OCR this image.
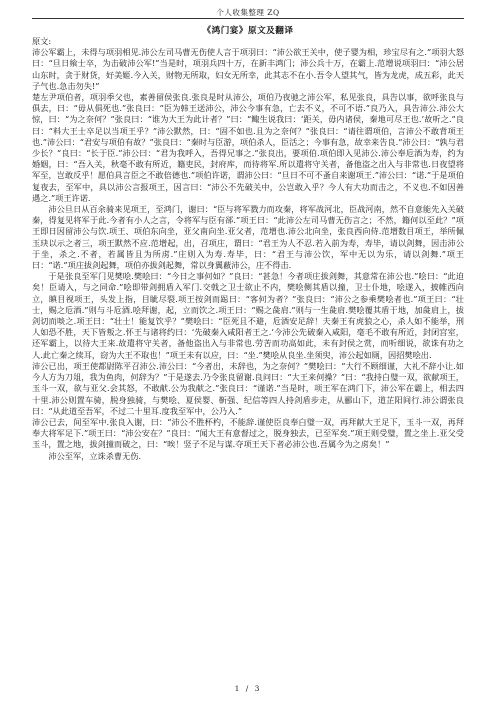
个人收集整理 ZQ
《鸿门宴》原文及翻译

原文:

沛公军霸上，未得与项羽相见.沛公左司马曹无伤使人言于项羽曰：“沛公欲王关中，使子婴为相，珍宝尽有之.”项羽大怒曰：“旦日飨士卒，为击破沛公军!”当是时，项羽兵四十万，在新丰鸿门；沛公兵十万，在霸上.范增说项羽曰：“沛公居山东时，贪于财货，好美姬.今入关，财物无所取，妇女无所幸，此其志不在小.吾令人望其气，皆为龙虎，成五彩，此天子气也.急击勿失!”

楚左尹项伯者，项羽季父也，素善留侯张良.张良是时从沛公，项伯乃夜驰之沛公军，私见张良，具告以事，欲呼张良与俱去，曰：“毋从俱死也.”张良曰：“臣为韩王送沛公，沛公今事有急，亡去不义，不可不语.”良乃入，具告沛公.沛公大惊，曰：“为之奈何？”张良曰：“谁为大王为此计者？”曰：“鲰生说我曰：‘距关，毋内诸侯，秦地可尽王也.’故听之.”良曰：“料大王士卒足以当项王乎？”沛公默然，曰：“固不如也.且为之奈何？”张良曰：“请往谓项伯，言沛公不敢背项王也.”沛公曰：“君安与项伯有故？”张良曰：“秦时与臣游，项伯杀人，臣活之；今事有急，故幸来告良.”沛公曰：“孰与君少长？”良曰：“长于臣.”沛公曰：“君为我呼入，吾得兄事之.”张良出，要项伯.项伯即入见沛公.沛公奉卮酒为寿，约为婚姻，曰：“吾入关，秋毫不敢有所近，籍吏民，封府库，而待将军.所以遣将守关者，备他盗之出入与非常也.日夜望将军至，岂敢反乎！愿伯具言臣之不敢倍德也.”项伯许诺，谓沛公曰：“旦日不可不蚤自来谢项王.”沛公曰：“诺.”于是项伯复夜去，至军中，具以沛公言报项王，因言曰：“沛公不先破关中，公岂敢入乎？今人有大功而击之，不义也.不如因善遇之.”项王许诺.

沛公旦日从百余骑来见项王，至鸿门，谢曰：“臣与将军戮力而攻秦，将军战河北，臣战河南，然不自意能先入关破秦，得复见将军于此.今者有小人之言，令将军与臣有郤.”项王曰：“此沛公左司马曹无伤言之；不然，籍何以至此？”项王即日因留沛公与饮.项王、项伯东向坐，亚父南向坐.亚父者，范增也.沛公北向坐，张良西向侍.范增数目项王，举所佩玉玦以示之者三，项王默然不应.范增起，出，召项庄，谓曰：“君王为人不忍.若入前为寿，寿毕，请以剑舞，因击沛公于坐，杀之.不者，若属皆且为所虏.”庄则入为寿.寿毕，曰：“君王与沛公饮，军中无以为乐，请以剑舞.”项王曰：“诺.”项庄拔剑起舞，项伯亦拔剑起舞，常以身翼蔽沛公，庄不得击.

于是张良至军门见樊哙.樊哙曰：“今日之事何如？”良曰：“甚急！今者项庄拔剑舞，其意常在沛公也.”哙曰：“此迫矣！臣请入，与之同命.”哙即带剑拥盾入军门.交戟之卫士欲止不内，樊哙侧其盾以撞，卫士仆地，哙遂入，披帷西向立，瞋目视项王，头发上指，目眦尽裂.项王按剑而跽曰：“客何为者？”张良曰：“沛公之参乘樊哙者也.”项王曰：“壮士，赐之卮酒.”则与斗卮酒.哙拜谢，起，立而饮之.项王曰：“赐之彘肩.”则与一生彘肩.樊哙覆其盾于地，加彘肩上，拔剑切而啖之.项王曰：“壮士！能复饮乎？”樊哙曰：“臣死且不避，卮酒安足辞！夫秦王有虎狼之心，杀人如不能举，刑人如恐不胜，天下皆叛之.怀王与诸将约曰：‘先破秦入咸阳者王之.’今沛公先破秦入咸阳，毫毛不敢有所近，封闭宫室，还军霸上，以待大王来.故遣将守关者，备他盗出入与非常也.劳苦而功高如此，未有封侯之赏，而听细说，欲诛有功之人.此亡秦之续耳，窃为大王不取也！”项王未有以应，曰：“坐.”樊哙从良坐.坐须臾，沛公起如厕，因招樊哙出.

沛公已出，项王使都尉陈平召沛公.沛公曰：“今者出，未辞也，为之奈何？”樊哙曰：“大行不顾细谨，大礼不辞小让.如今人方为刀俎，我为鱼肉，何辞为？”于是遂去.乃令张良留谢.良问曰：“大王来何操？”曰：“我持白璧一双，欲献项王，玉斗一双，欲与亚父.会其怒，不敢献.公为我献之.”张良曰：“谨诺.”当是时，项王军在鸿门下，沛公军在霸上，相去四十里.沛公则置车骑，脱身独骑，与樊哙、夏侯婴、靳强、纪信等四人持剑盾步走，从郦山下，道芷阳间行.沛公谓张良曰：“从此道至吾军，不过二十里耳.度我至军中，公乃入.”

沛公已去，间至军中.张良入谢，曰：“沛公不胜杯杓，不能辞.谨使臣良奉白璧一双，再拜献大王足下，玉斗一双，再拜奉大将军足下.”项王曰：“沛公安在？”良曰：“闻大王有意督过之，脱身独去，已至军矣.”项王则受璧，置之坐上.亚父受玉斗，置之地，拔剑撞而破之，曰：“唉！竖子不足与谋.夺项王天下者必沛公也.吾属今为之虏矣！”

沛公至军，立诛杀曹无伤.

1 / 3
